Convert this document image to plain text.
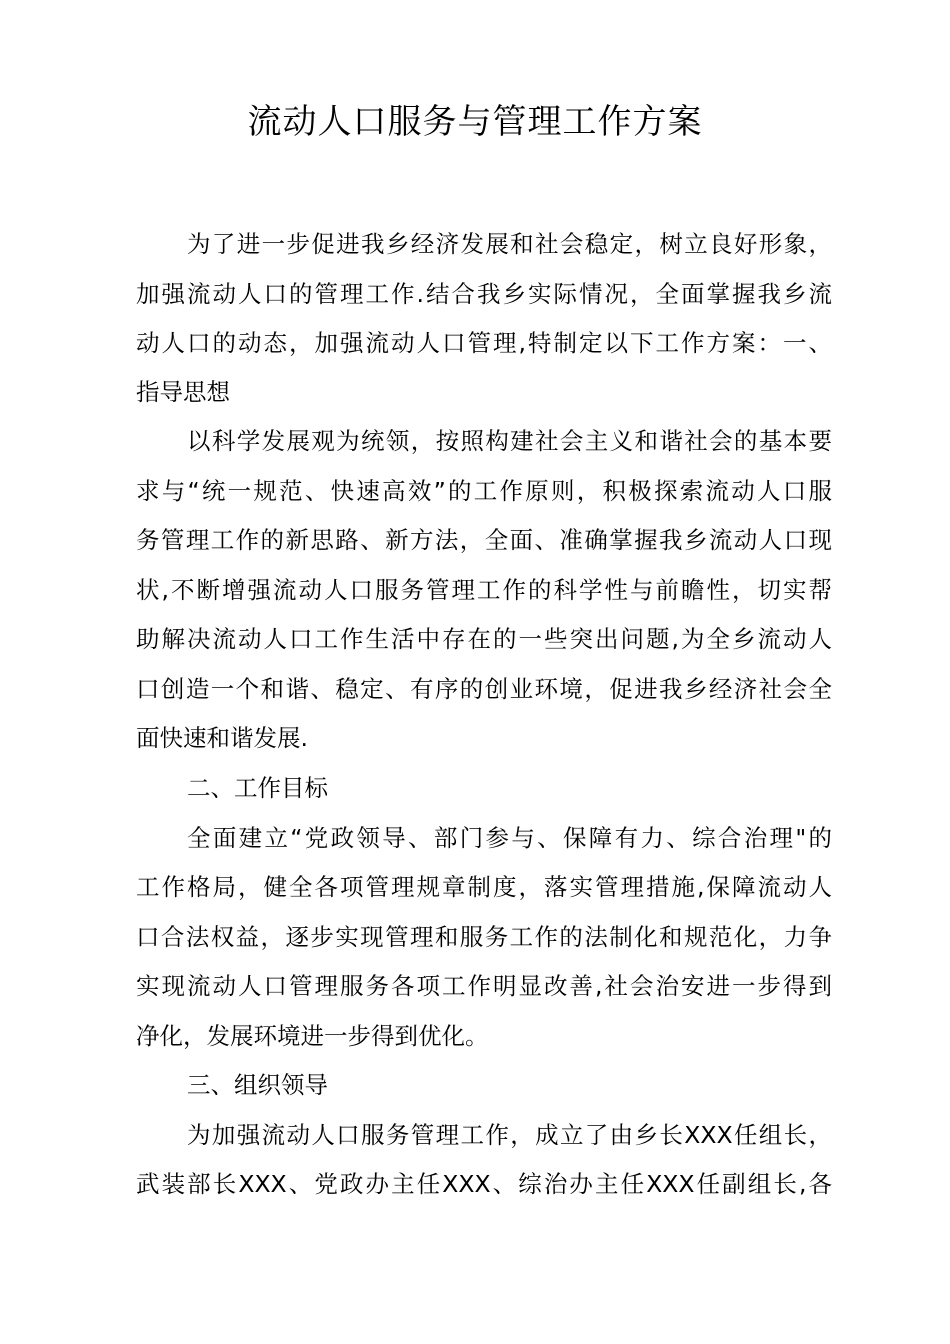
流动人口服务与管理工作方案

为了进一步促进我乡经济发展和社会稳定，树立良好形象，

加强流动人口的管理工作.结合我乡实际情况，全面掌握我乡流

动人口的动态，加强流动人口管理,特制定以下工作方案：一、

指导思想

以科学发展观为统领，按照构建社会主义和谐社会的基本要

求与“统一规范、快速高效”的工作原则，积极探索流动人口服

务管理工作的新思路、新方法，全面、准确掌握我乡流动人口现

状,不断增强流动人口服务管理工作的科学性与前瞻性，切实帮

助解决流动人口工作生活中存在的一些突出问题,为全乡流动人

口创造一个和谐、稳定、有序的创业环境，促进我乡经济社会全

面快速和谐发展.

二、工作目标

全面建立“党政领导、部门参与、保障有力、综合治理"的

工作格局，健全各项管理规章制度，落实管理措施,保障流动人

口合法权益，逐步实现管理和服务工作的法制化和规范化，力争

实现流动人口管理服务各项工作明显改善,社会治安进一步得到

净化，发展环境进一步得到优化。

三、组织领导

为加强流动人口服务管理工作，成立了由乡长XXX任组长，

武装部长XXX、党政办主任XXX、综治办主任XXX任副组长,各
